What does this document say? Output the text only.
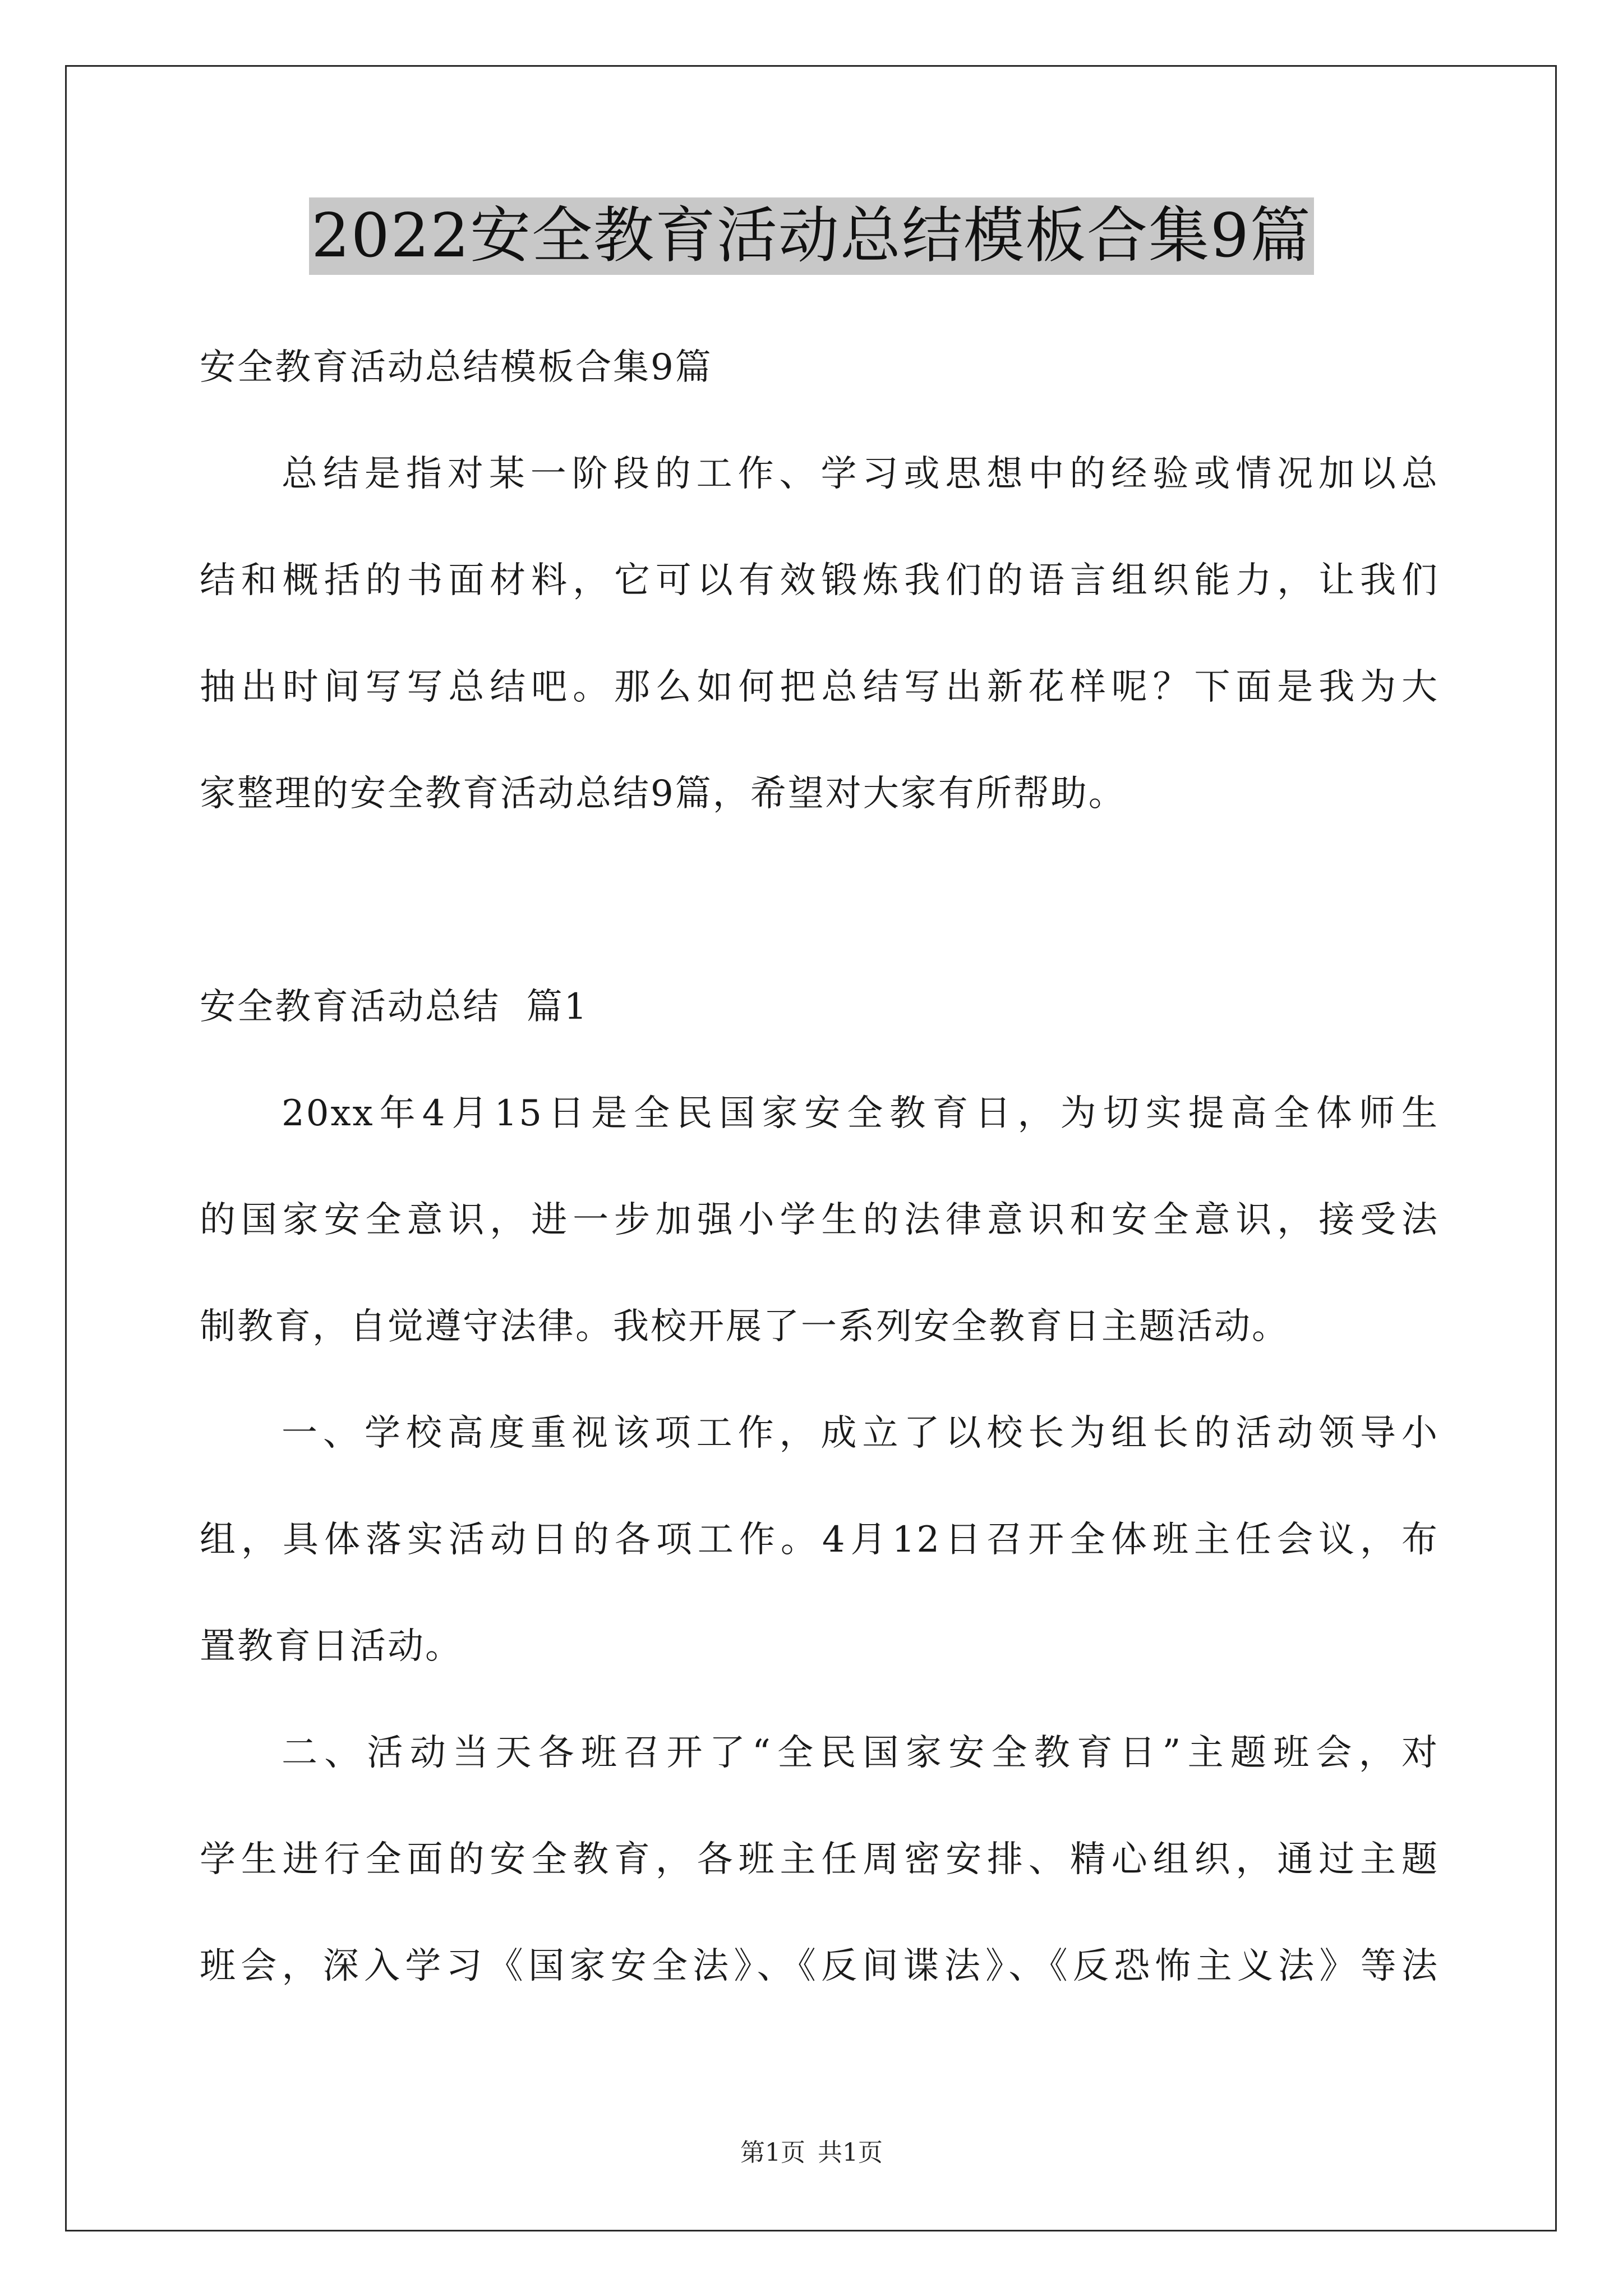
2022安全教育活动总结模板合集9篇
安全教育活动总结模板合集9篇
总结是指对某一阶段的工作、学习或思想中的经验或情况加以总
结和概括的书面材料，它可以有效锻炼我们的语言组织能力，让我们
抽出时间写写总结吧。那么如何把总结写出新花样呢？下面是我为大
家整理的安全教育活动总结9篇，希望对大家有所帮助。
安全教育活动总结  篇1
20xx年4月15日是全民国家安全教育日，为切实提高全体师生
的国家安全意识，进一步加强小学生的法律意识和安全意识，接受法
制教育，自觉遵守法律。我校开展了一系列安全教育日主题活动。
一、学校高度重视该项工作，成立了以校长为组长的活动领导小
组，具体落实活动日的各项工作。4月12日召开全体班主任会议，布
置教育日活动。
二、活动当天各班召开了“全民国家安全教育日”主题班会，对
学生进行全面的安全教育，各班主任周密安排、精心组织，通过主题
班会，深入学习《国家安全法》、《反间谍法》、《反恐怖主义法》等法
第1页 共1页
